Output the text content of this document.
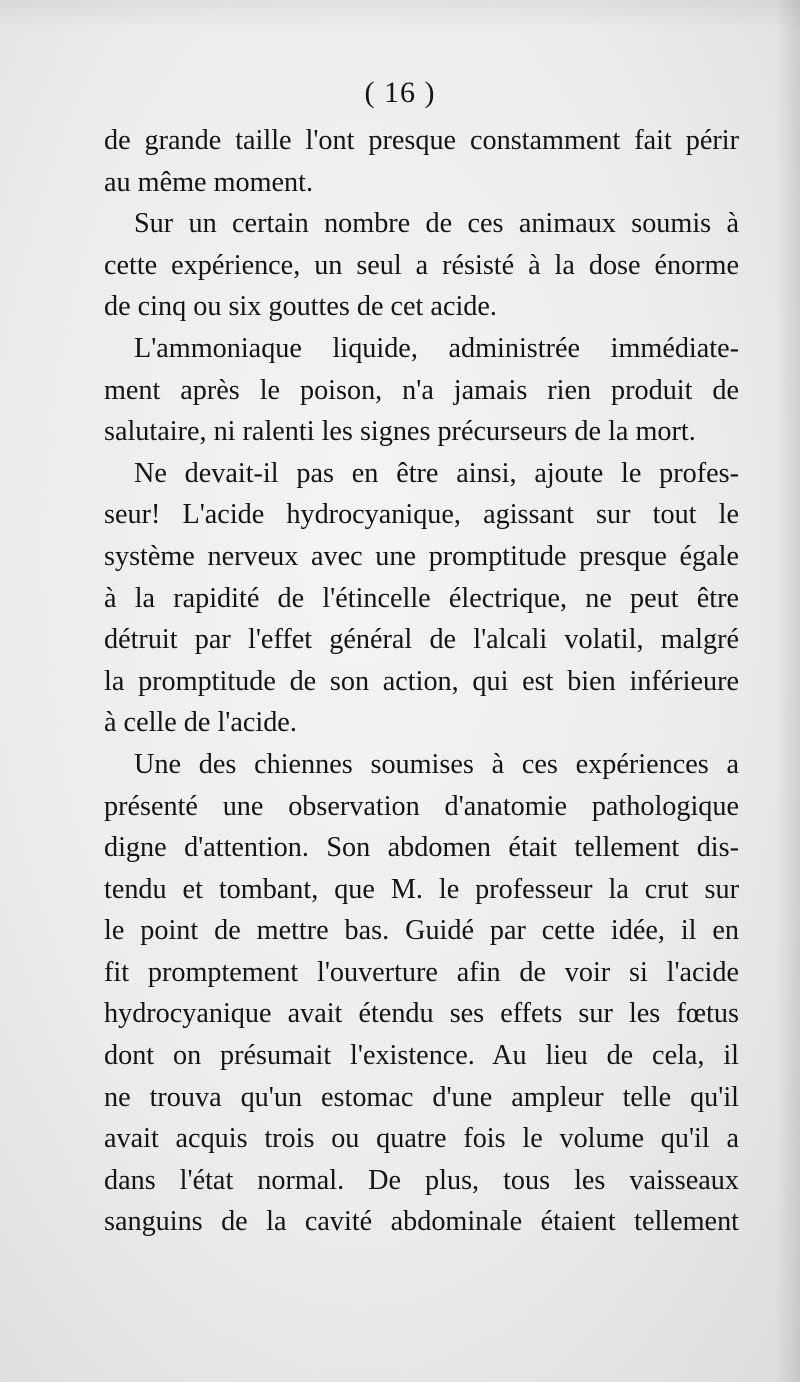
( 16 )
de grande taille l'ont presque constamment fait périr
au même moment.
Sur un certain nombre de ces animaux soumis à
cette expérience, un seul a résisté à la dose énorme
de cinq ou six gouttes de cet acide.
L'ammoniaque liquide, administrée immédiate-
ment après le poison, n'a jamais rien produit de
salutaire, ni ralenti les signes précurseurs de la mort.
Ne devait-il pas en être ainsi, ajoute le profes-
seur! L'acide hydrocyanique, agissant sur tout le
système nerveux avec une promptitude presque égale
à la rapidité de l'étincelle électrique, ne peut être
détruit par l'effet général de l'alcali volatil, malgré
la promptitude de son action, qui est bien inférieure
à celle de l'acide.
Une des chiennes soumises à ces expériences a
présenté une observation d'anatomie pathologique
digne d'attention. Son abdomen était tellement dis-
tendu et tombant, que M. le professeur la crut sur
le point de mettre bas. Guidé par cette idée, il en
fit promptement l'ouverture afin de voir si l'acide
hydrocyanique avait étendu ses effets sur les fœtus
dont on présumait l'existence. Au lieu de cela, il
ne trouva qu'un estomac d'une ampleur telle qu'il
avait acquis trois ou quatre fois le volume qu'il a
dans l'état normal. De plus, tous les vaisseaux
sanguins de la cavité abdominale étaient tellement
